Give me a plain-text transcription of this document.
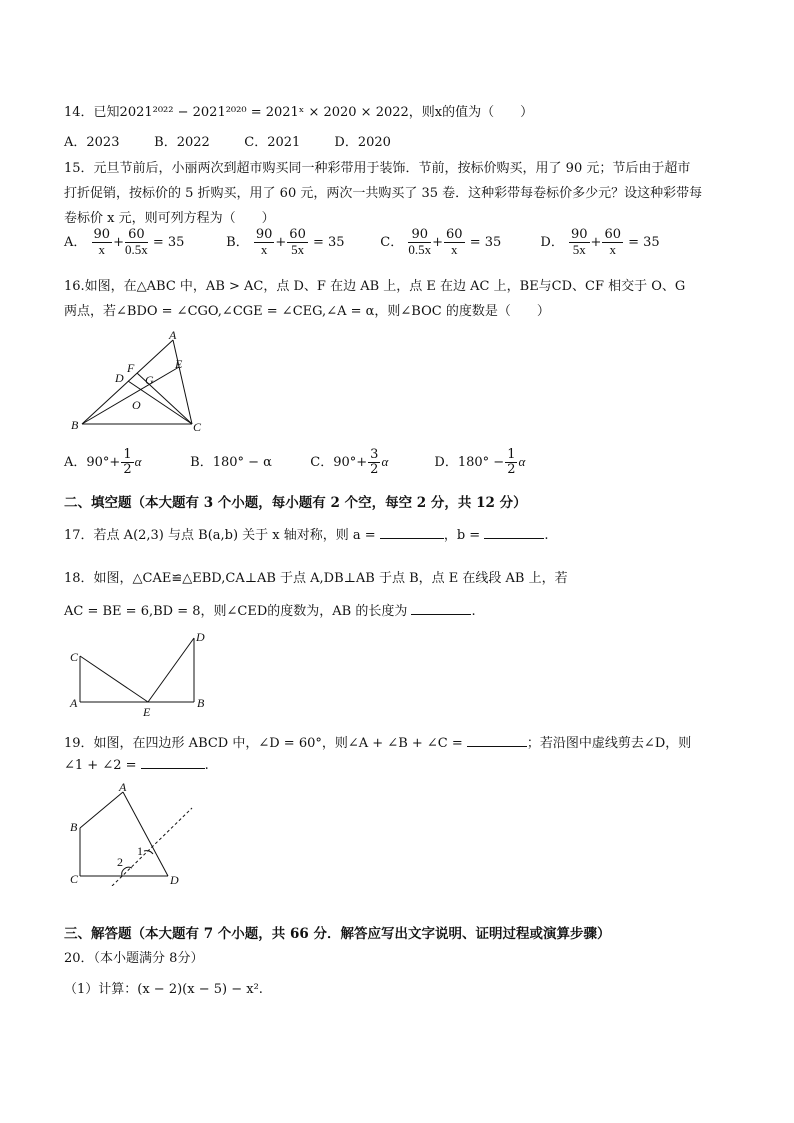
14．已知2021²⁰²² − 2021²⁰²⁰ = 2021ˣ × 2020 × 2022，则x的值为（　　）
A．2023	B．2022	C．2021	D．2020
15．元旦节前后，小丽两次到超市购买同一种彩带用于装饰．节前，按标价购买，用了 90 元；节后由于超市
打折促销，按标价的 5 折购买，用了 60 元，两次一共购买了 35 卷．这种彩带每卷标价多少元？设这种彩带每
卷标价 x 元，则可列方程为（　　）
A． $\frac{90}{x} + \frac{60}{0.5x} = 35$	B． $\frac{90}{x} + \frac{60}{5x} = 35$	C． $\frac{90}{0.5x} + \frac{60}{x} = 35$	D． $\frac{90}{5x} + \frac{60}{x} = 35$
16.如图，在△ABC 中，AB > AC，点 D、F 在边 AB 上，点 E 在边 AC 上，BE与CD、CF 相交于 O、G
两点，若∠BDO = ∠CGO,∠CGE = ∠CEG,∠A = α，则∠BOC 的度数是（　　）
A
B	C
D
E
F
G
O
A．$90^\circ+ \frac{1}{2}$ α	B．180° − α	C．$90^\circ+ \frac{3}{2}$ α	D．$180^\circ - \frac{1}{2}$ α
二、填空题（本大题有 3 个小题，每小题有 2 个空，每空 2 分，共 12 分）
17．若点 A(2,3) 与点 B(a,b) 关于 x 轴对称，则 a =	，b =	.
18．如图，△CAE≌△EBD,CA⊥AB 于点 A,DB⊥AB 于点 B，点 E 在线段 AB 上，若
AC = BE = 6,BD = 8，则∠CED的度数为，AB 的长度为	.
C
A
E
B
D
19．如图，在四边形 ABCD 中，∠D = 60°，则∠A + ∠B + ∠C =	；若沿图中虚线剪去∠D，则
∠1 + ∠2 =	.
A
B
C	D
1
2
三、解答题（本大题有 7 个小题，共 66 分．解答应写出文字说明、证明过程或演算步骤）
20．（本小题满分 8分）
（1）计算：(x − 2)(x − 5) − x².
